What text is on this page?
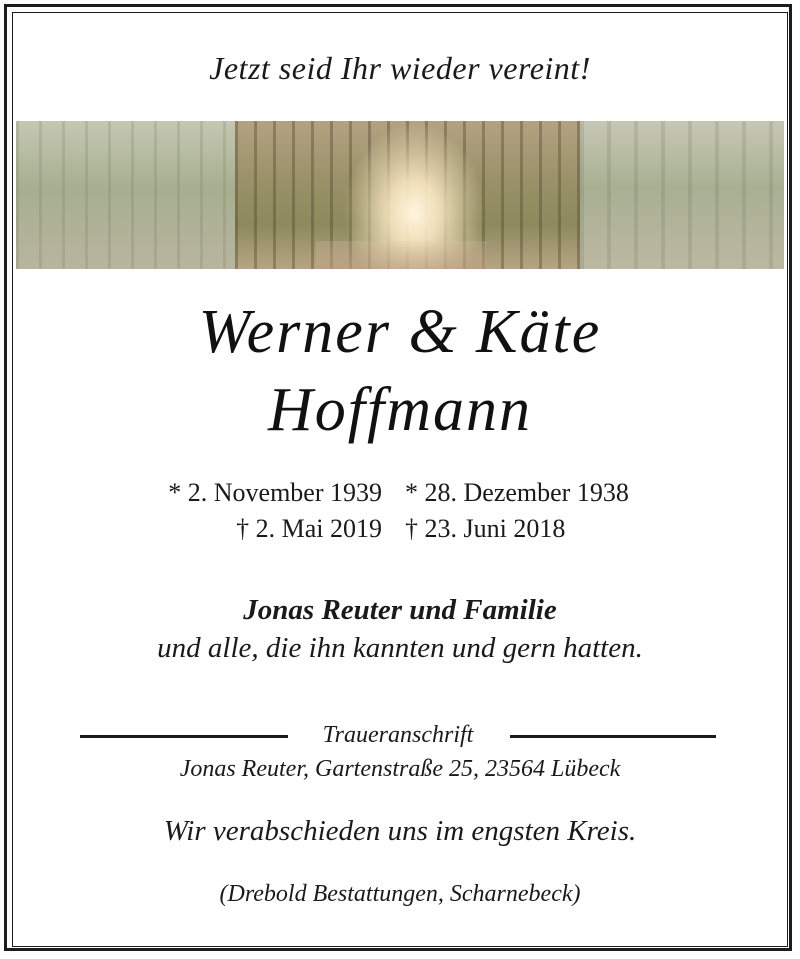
Jetzt seid Ihr wieder vereint!
Werner & Käte
Hoffmann
* 2. November 1939
† 2. Mai 2019
* 28. Dezember 1938
† 23. Juni 2018
Jonas Reuter und Familie
und alle, die ihn kannten und gern hatten.
Traueranschrift
Jonas Reuter, Gartenstraße 25, 23564 Lübeck
Wir verabschieden uns im engsten Kreis.
(Drebold Bestattungen, Scharnebeck)
